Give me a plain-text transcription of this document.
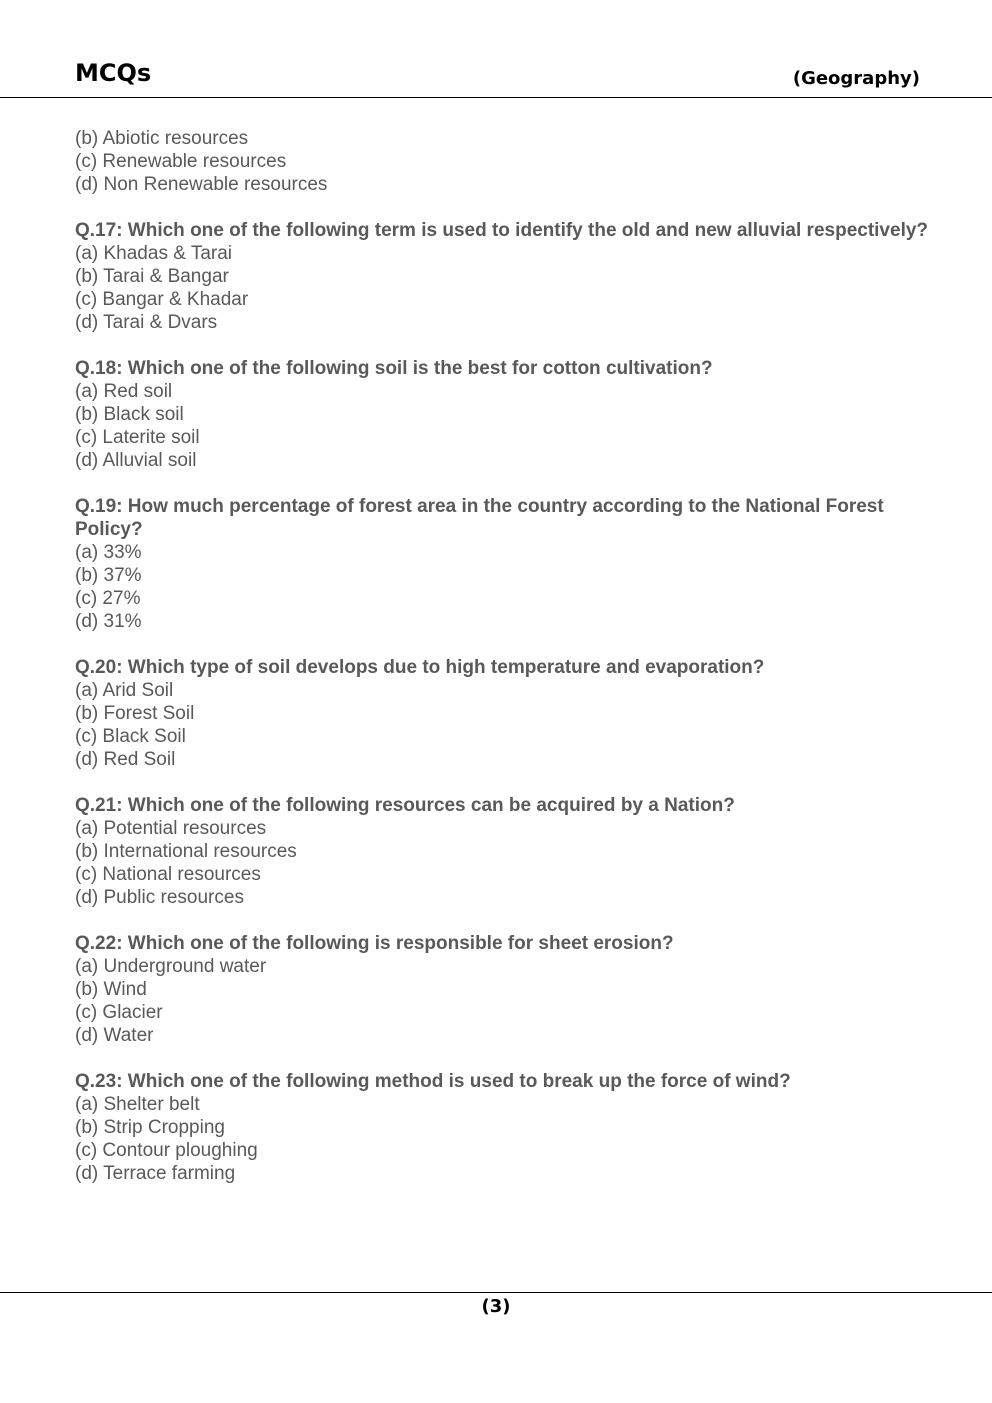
MCQs	(Geography)
(b) Abiotic resources
(c) Renewable resources
(d) Non Renewable resources
Q.17: Which one of the following term is used to identify the old and new alluvial respectively?
(a) Khadas & Tarai
(b) Tarai & Bangar
(c) Bangar & Khadar
(d) Tarai & Dvars
Q.18: Which one of the following soil is the best for cotton cultivation?
(a) Red soil
(b) Black soil
(c) Laterite soil
(d) Alluvial soil
Q.19: How much percentage of forest area in the country according to the National Forest Policy?
(a) 33%
(b) 37%
(c) 27%
(d) 31%
Q.20: Which type of soil develops due to high temperature and evaporation?
(a) Arid Soil
(b) Forest Soil
(c) Black Soil
(d) Red Soil
Q.21: Which one of the following resources can be acquired by a Nation?
(a) Potential resources
(b) International resources
(c) National resources
(d) Public resources
Q.22: Which one of the following is responsible for sheet erosion?
(a) Underground water
(b) Wind
(c) Glacier
(d) Water
Q.23: Which one of the following method is used to break up the force of wind?
(a) Shelter belt
(b) Strip Cropping
(c) Contour ploughing
(d) Terrace farming
(3)
